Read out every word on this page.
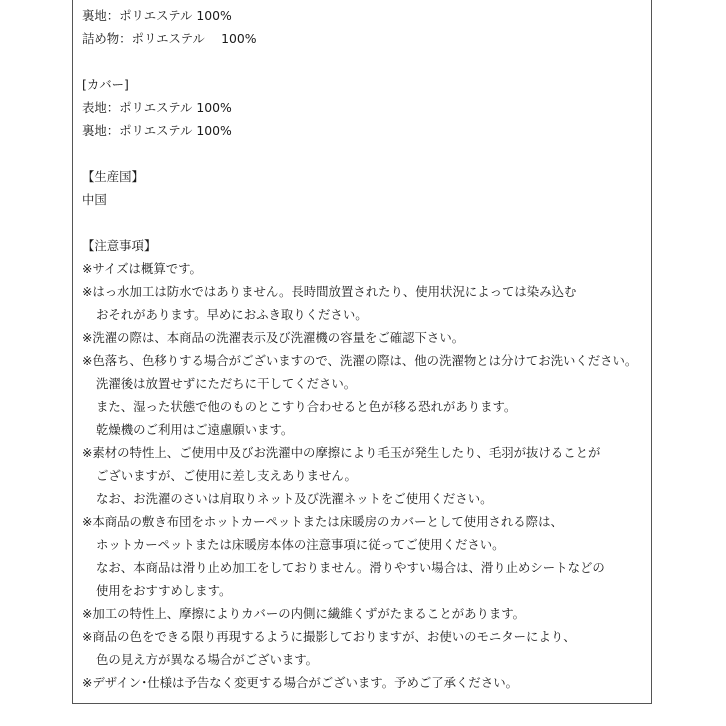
裏地：ポリエステル 100%
詰め物：ポリエステル　 100%
[カバー]
表地：ポリエステル 100%
裏地：ポリエステル 100%
【生産国】
中国
【注意事項】
※サイズは概算です。
※はっ水加工は防水ではありません。長時間放置されたり、使用状況によっては染み込む
おそれがあります。早めにおふき取りください。
※洗濯の際は、本商品の洗濯表示及び洗濯機の容量をご確認下さい。
※色落ち、色移りする場合がございますので、洗濯の際は、他の洗濯物とは分けてお洗いください。
洗濯後は放置せずにただちに干してください。
また、湿った状態で他のものとこすり合わせると色が移る恐れがあります。
乾燥機のご利用はご遠慮願います。
※素材の特性上、ご使用中及びお洗濯中の摩擦により毛玉が発生したり、毛羽が抜けることが
ございますが、ご使用に差し支えありません。
なお、お洗濯のさいは肩取りネット及び洗濯ネットをご使用ください。
※本商品の敷き布団をホットカーペットまたは床暖房のカバーとして使用される際は、
ホットカーペットまたは床暖房本体の注意事項に従ってご使用ください。
なお、本商品は滑り止め加工をしておりません。滑りやすい場合は、滑り止めシートなどの
使用をおすすめします。
※加工の特性上、摩擦によりカバーの内側に繊維くずがたまることがあります。
※商品の色をできる限り再現するように撮影しておりますが、お使いのモニターにより、
色の見え方が異なる場合がございます。
※デザイン･仕様は予告なく変更する場合がございます。予めご了承ください。
